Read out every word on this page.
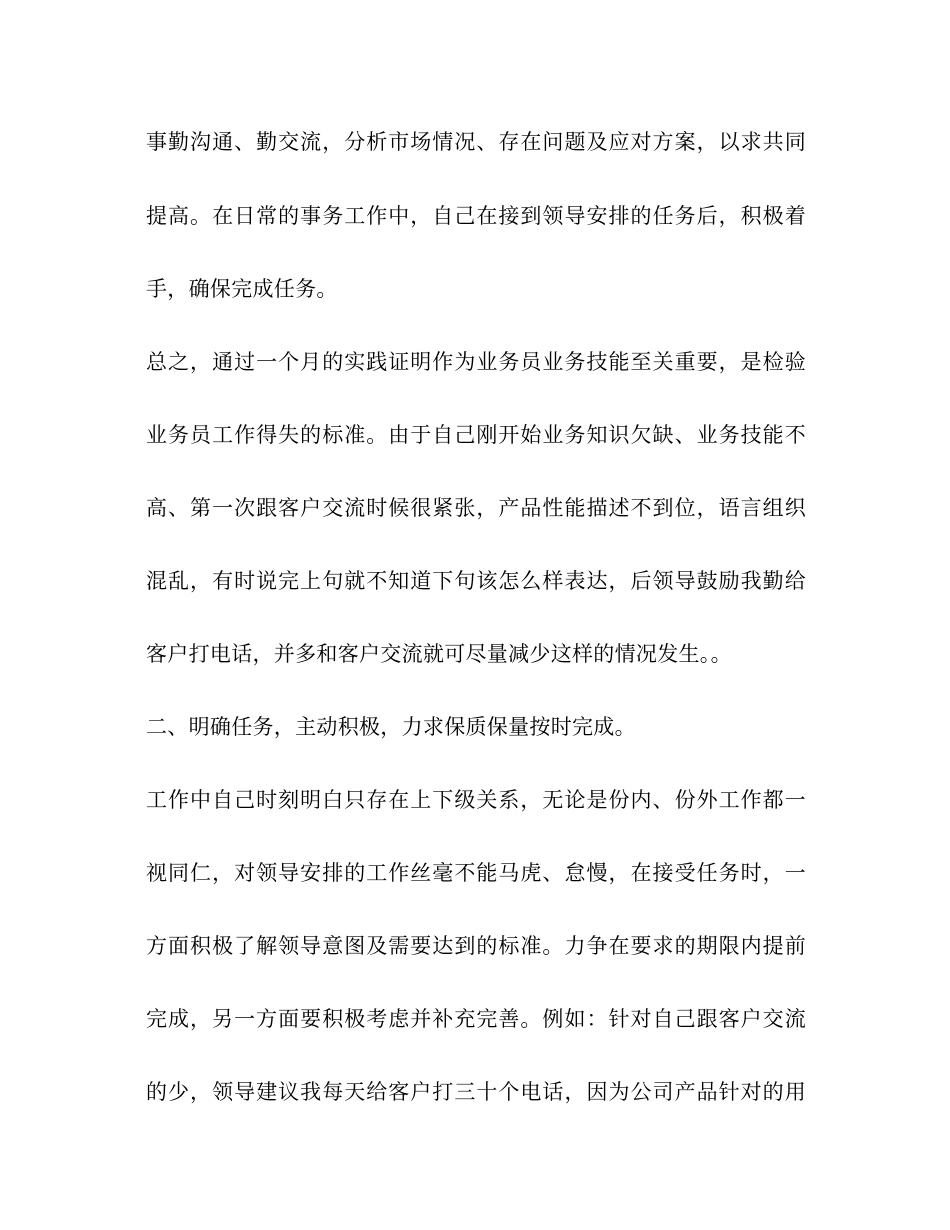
事勤沟通、勤交流，分析市场情况、存在问题及应对方案，以求共同
提高。在日常的事务工作中，自己在接到领导安排的任务后，积极着
手，确保完成任务。
总之，通过一个月的实践证明作为业务员业务技能至关重要，是检验
业务员工作得失的标准。由于自己刚开始业务知识欠缺、业务技能不
高、第一次跟客户交流时候很紧张，产品性能描述不到位，语言组织
混乱，有时说完上句就不知道下句该怎么样表达，后领导鼓励我勤给
客户打电话，并多和客户交流就可尽量减少这样的情况发生。。
二、明确任务，主动积极，力求保质保量按时完成。
工作中自己时刻明白只存在上下级关系，无论是份内、份外工作都一
视同仁，对领导安排的工作丝毫不能马虎、怠慢，在接受任务时，一
方面积极了解领导意图及需要达到的标准。力争在要求的期限内提前
完成，另一方面要积极考虑并补充完善。例如：针对自己跟客户交流
的少，领导建议我每天给客户打三十个电话，因为公司产品针对的用
